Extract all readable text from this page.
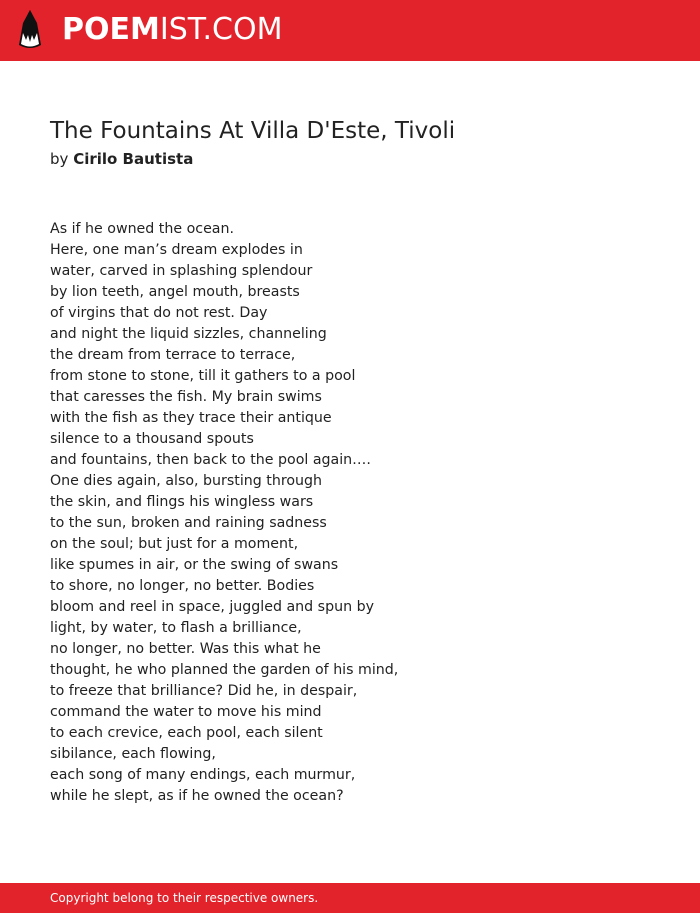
POEMIST.COM
The Fountains At Villa D'Este, Tivoli
by Cirilo Bautista
As if he owned the ocean.
Here, one man’s dream explodes in
water, carved in splashing splendour
by lion teeth, angel mouth, breasts
of virgins that do not rest. Day
and night the liquid sizzles, channeling
the dream from terrace to terrace,
from stone to stone, till it gathers to a pool
that caresses the fish. My brain swims
with the fish as they trace their antique
silence to a thousand spouts
and fountains, then back to the pool again….
One dies again, also, bursting through
the skin, and flings his wingless wars
to the sun, broken and raining sadness
on the soul; but just for a moment,
like spumes in air, or the swing of swans
to shore, no longer, no better. Bodies
bloom and reel in space, juggled and spun by
light, by water, to flash a brilliance,
no longer, no better. Was this what he
thought, he who planned the garden of his mind,
to freeze that brilliance? Did he, in despair,
command the water to move his mind
to each crevice, each pool, each silent
sibilance, each flowing,
each song of many endings, each murmur,
while he slept, as if he owned the ocean?
Copyright belong to their respective owners.
